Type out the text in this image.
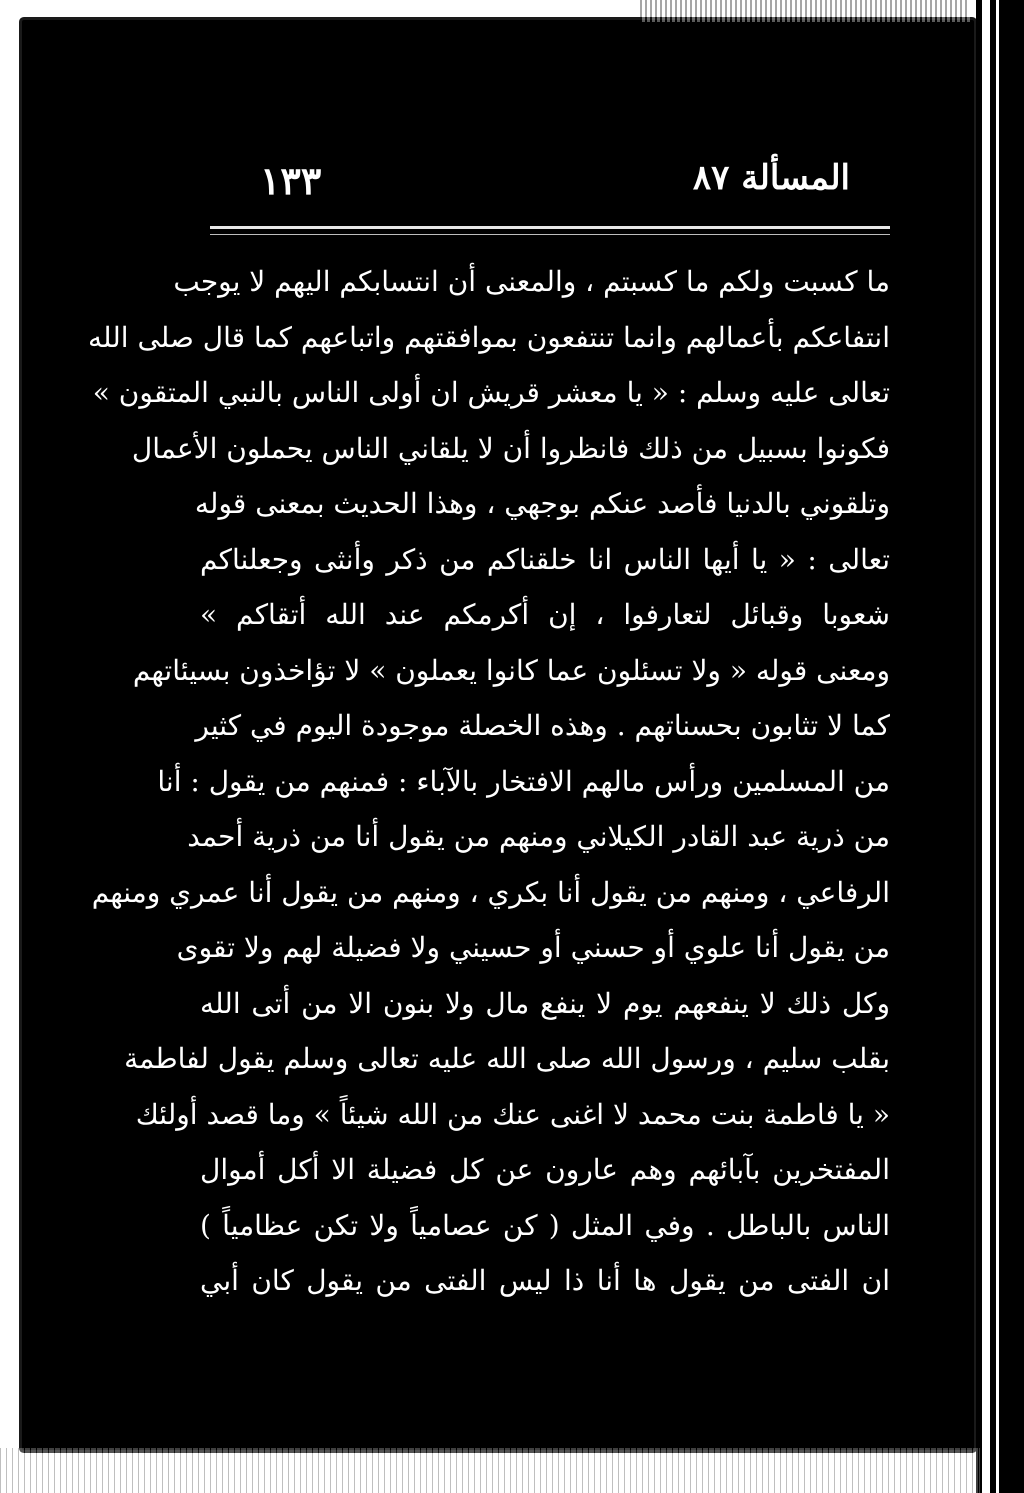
المسألة ٨٧
١٣٣
ما كسبت ولكم ما كسبتم ، والمعنى أن انتسابكم اليهم لا يوجب
انتفاعكم بأعمالهم وانما تنتفعون بموافقتهم واتباعهم كما قال صلى الله
تعالى عليه وسلم : « يا معشر قريش ان أولى الناس بالنبي المتقون »
فكونوا بسبيل من ذلك فانظروا أن لا يلقاني الناس يحملون الأعمال
وتلقوني بالدنيا فأصد عنكم بوجهي ، وهذا الحديث بمعنى قوله
تعالى : « يا أيها الناس انا خلقناكم من ذكر وأنثى وجعلناكم
شعوبا وقبائل لتعارفوا ، إن أكرمكم عند الله أتقاكم »
ومعنى قوله « ولا تسئلون عما كانوا يعملون » لا تؤاخذون بسيئاتهم
كما لا تثابون بحسناتهم . وهذه الخصلة موجودة اليوم في كثير
من المسلمين ورأس مالهم الافتخار بالآباء : فمنهم من يقول : أنا
من ذرية عبد القادر الكيلاني ومنهم من يقول أنا من ذرية أحمد
الرفاعي ، ومنهم من يقول أنا بكري ، ومنهم من يقول أنا عمري ومنهم
من يقول أنا علوي أو حسني أو حسيني ولا فضيلة لهم ولا تقوى
وكل ذلك لا ينفعهم يوم لا ينفع مال ولا بنون الا من أتى الله
بقلب سليم ، ورسول الله صلى الله عليه تعالى وسلم يقول لفاطمة
« يا فاطمة بنت محمد لا اغنى عنك من الله شيئاً » وما قصد أولئك
المفتخرين بآبائهم وهم عارون عن كل فضيلة الا أكل أموال
الناس بالباطل . وفي المثل ( كن عصامياً ولا تكن عظامياً )
ان الفتى من يقول ها أنا ذا ليس الفتى من يقول كان أبي
